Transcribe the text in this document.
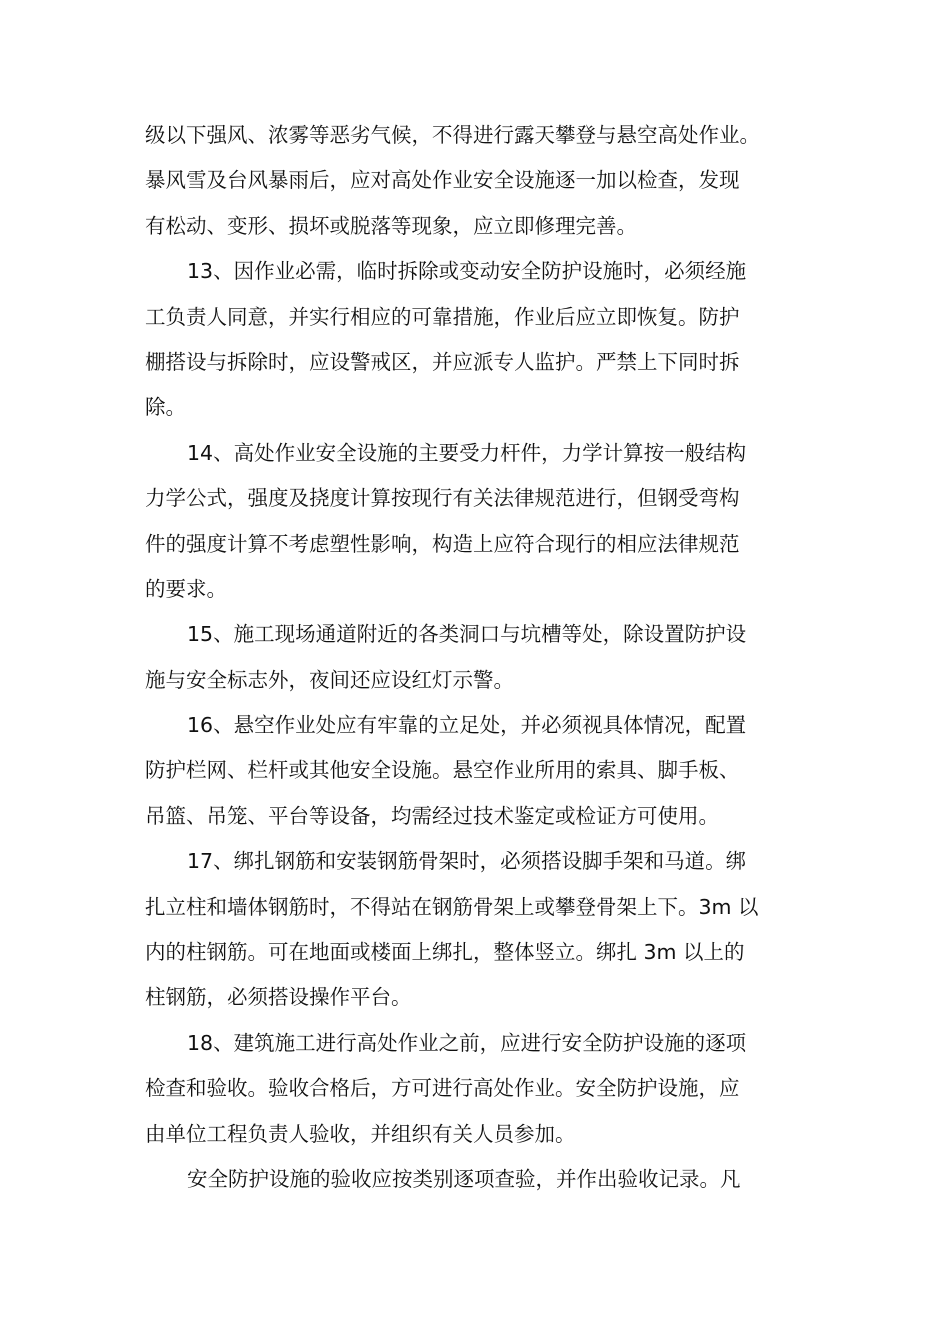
级以下强风、浓雾等恶劣气候，不得进行露天攀登与悬空高处作业。
暴风雪及台风暴雨后，应对高处作业安全设施逐一加以检查，发现
有松动、变形、损坏或脱落等现象，应立即修理完善。
13、因作业必需，临时拆除或变动安全防护设施时，必须经施
工负责人同意，并实行相应的可靠措施，作业后应立即恢复。防护
棚搭设与拆除时，应设警戒区，并应派专人监护。严禁上下同时拆
除。
14、高处作业安全设施的主要受力杆件，力学计算按一般结构
力学公式，强度及挠度计算按现行有关法律规范进行，但钢受弯构
件的强度计算不考虑塑性影响，构造上应符合现行的相应法律规范
的要求。
15、施工现场通道附近的各类洞口与坑槽等处，除设置防护设
施与安全标志外，夜间还应设红灯示警。
16、悬空作业处应有牢靠的立足处，并必须视具体情况，配置
防护栏网、栏杆或其他安全设施。悬空作业所用的索具、脚手板、
吊篮、吊笼、平台等设备，均需经过技术鉴定或检证方可使用。
17、绑扎钢筋和安装钢筋骨架时，必须搭设脚手架和马道。绑
扎立柱和墙体钢筋时，不得站在钢筋骨架上或攀登骨架上下。3m 以
内的柱钢筋。可在地面或楼面上绑扎，整体竖立。绑扎 3m 以上的
柱钢筋，必须搭设操作平台。
18、建筑施工进行高处作业之前，应进行安全防护设施的逐项
检查和验收。验收合格后，方可进行高处作业。安全防护设施，应
由单位工程负责人验收，并组织有关人员参加。
安全防护设施的验收应按类别逐项查验，并作出验收记录。凡
